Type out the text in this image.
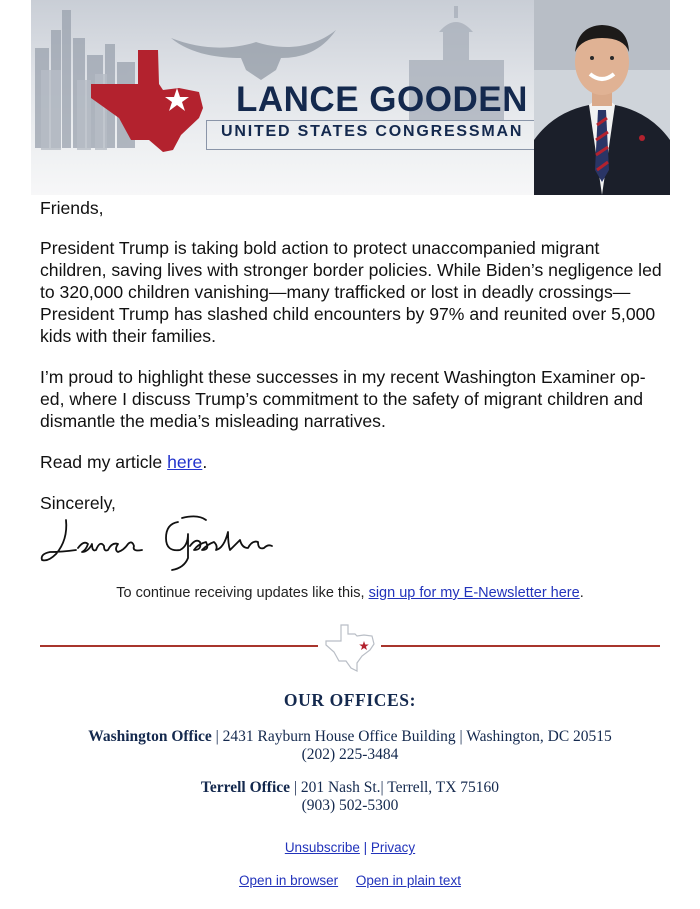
LANCE GOODEN
UNITED STATES CONGRESSMAN

Friends,

President Trump is taking bold action to protect unaccompanied migrant children, saving lives with stronger border policies. While Biden’s negligence led to 320,000 children vanishing—many trafficked or lost in deadly crossings—President Trump has slashed child encounters by 97% and reunited over 5,000 kids with their families.

I’m proud to highlight these successes in my recent Washington Examiner op-ed, where I discuss Trump’s commitment to the safety of migrant children and dismantle the media’s misleading narratives.

Read my article here.

Sincerely,

To continue receiving updates like this, sign up for my E-Newsletter here.
OUR OFFICES:
Washington Office | 2431 Rayburn House Office Building | Washington, DC 20515
(202) 225-3484
Terrell Office | 201 Nash St.| Terrell, TX 75160
(903) 502-5300
Unsubscribe | Privacy
Open in browser Open in plain text
